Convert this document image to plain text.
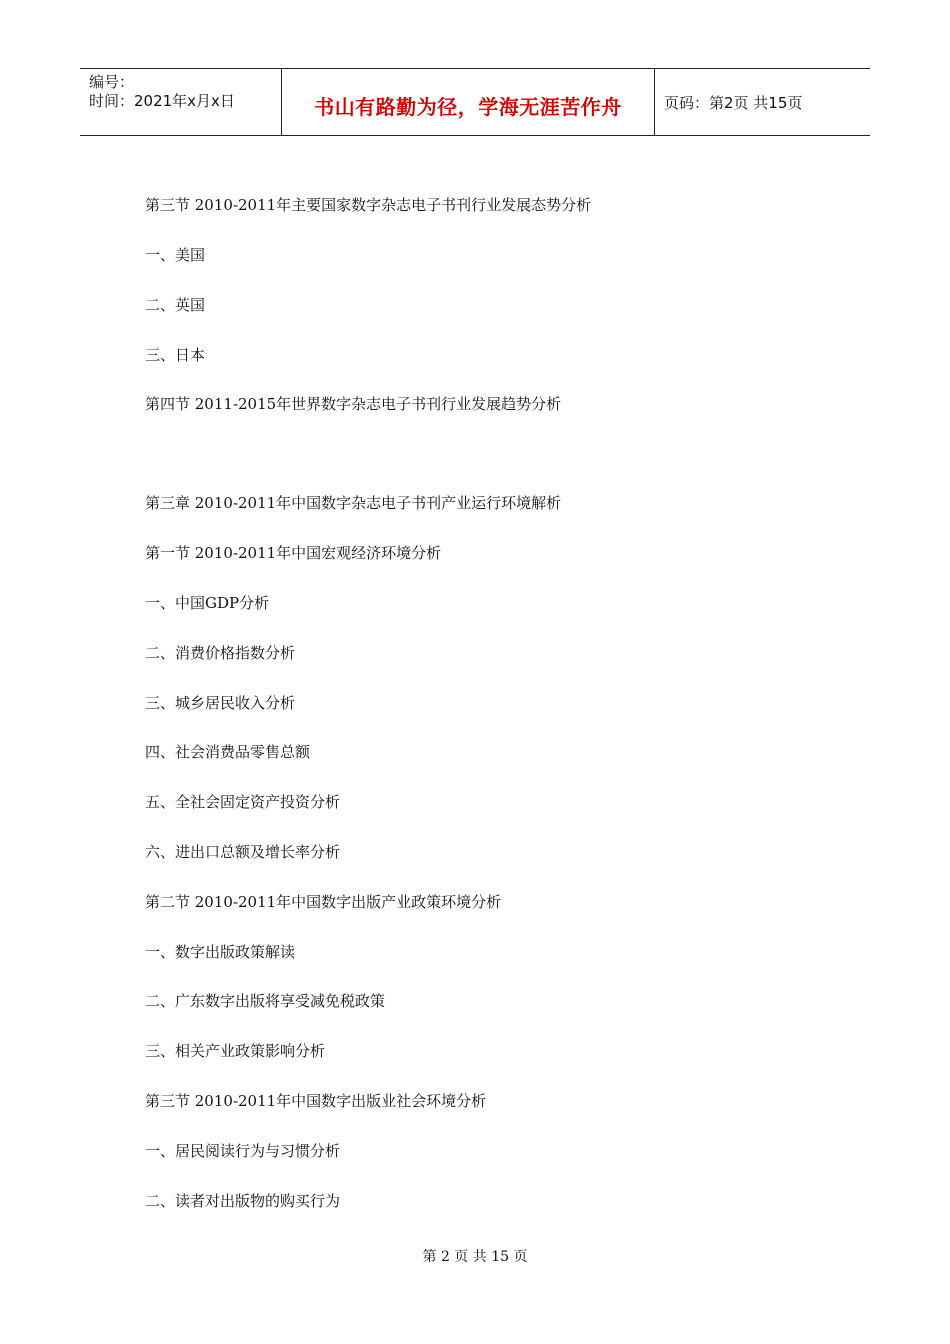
编号：
时间：2021年x月x日	书山有路勤为径，学海无涯苦作舟	页码：第2页 共15页
第三节 2010-2011年主要国家数字杂志电子书刊行业发展态势分析
一、美国
二、英国
三、日本
第四节 2011-2015年世界数字杂志电子书刊行业发展趋势分析
第三章 2010-2011年中国数字杂志电子书刊产业运行环境解析
第一节 2010-2011年中国宏观经济环境分析
一、中国GDP分析
二、消费价格指数分析
三、城乡居民收入分析
四、社会消费品零售总额
五、全社会固定资产投资分析
六、进出口总额及增长率分析
第二节 2010-2011年中国数字出版产业政策环境分析
一、数字出版政策解读
二、广东数字出版将享受减免税政策
三、相关产业政策影响分析
第三节 2010-2011年中国数字出版业社会环境分析
一、居民阅读行为与习惯分析
二、读者对出版物的购买行为
第 2 页 共 15 页
